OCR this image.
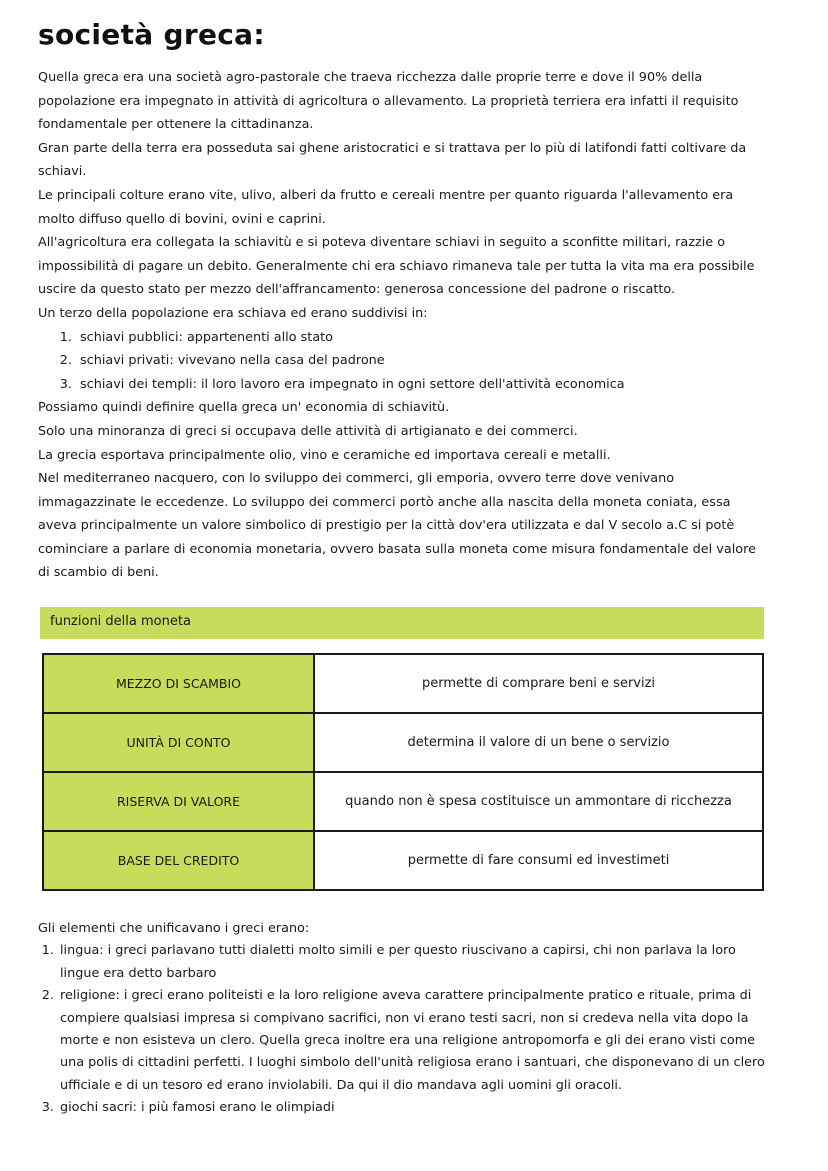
società greca:

Quella greca era una società agro-pastorale che traeva ricchezza dalle proprie terre e dove il 90% della popolazione era impegnato in attività di agricoltura o allevamento. La proprietà terriera era infatti il requisito fondamentale per ottenere la cittadinanza.

Gran parte della terra era posseduta sai ghene aristocratici e si trattava per lo più di latifondi fatti coltivare da schiavi.

Le principali colture erano vite, ulivo, alberi da frutto e cereali mentre per quanto riguarda l'allevamento era molto diffuso quello di bovini, ovini e caprini.

All'agricoltura era collegata la schiavitù e si poteva diventare schiavi in seguito a sconfitte militari, razzie o impossibilità di pagare un debito. Generalmente chi era schiavo rimaneva tale per tutta la vita ma era possibile uscire da questo stato per mezzo dell'affrancamento: generosa concessione del padrone o riscatto.

Un terzo della popolazione era schiava ed erano suddivisi in:

1. schiavi pubblici: appartenenti allo stato
2. schiavi privati: vivevano nella casa del padrone
3. schiavi dei templi: il loro lavoro era impegnato in ogni settore dell'attività economica

Possiamo quindi definire quella greca un' economia di schiavitù.

Solo una minoranza di greci si occupava delle attività di artigianato e dei commerci.

La grecia esportava principalmente olio, vino e ceramiche ed importava cereali e metalli.

Nel mediterraneo nacquero, con lo sviluppo dei commerci, gli emporia, ovvero terre dove venivano immagazzinate le eccedenze. Lo sviluppo dei commerci portò anche alla nascita della moneta coniata, essa aveva principalmente un valore simbolico di prestigio per la città dov'era utilizzata e dal V secolo a.C si potè cominciare a parlare di economia monetaria, ovvero basata sulla moneta come misura fondamentale del valore di scambio di beni.

funzioni della moneta
MEZZO DI SCAMBIO	permette di comprare beni e servizi
UNITÀ DI CONTO	determina il valore di un bene o servizio
RISERVA DI VALORE	quando non è spesa costituisce un ammontare di ricchezza
BASE DEL CREDITO	permette di fare consumi ed investimeti

Gli elementi che unificavano i greci erano:

1. lingua: i greci parlavano tutti dialetti molto simili e per questo riuscivano a capirsi, chi non parlava la loro lingue era detto barbaro
2. religione: i greci erano politeisti e la loro religione aveva carattere principalmente pratico e rituale, prima di compiere qualsiasi impresa si compivano sacrifici, non vi erano testi sacri, non si credeva nella vita dopo la morte e non esisteva un clero. Quella greca inoltre era una religione antropomorfa e gli dei erano visti come una polis di cittadini perfetti. I luoghi simbolo dell'unità religiosa erano i santuari, che disponevano di un clero ufficiale e di un tesoro ed erano inviolabili. Da qui il dio mandava agli uomini gli oracoli.
3. giochi sacri: i più famosi erano le olimpiadi
